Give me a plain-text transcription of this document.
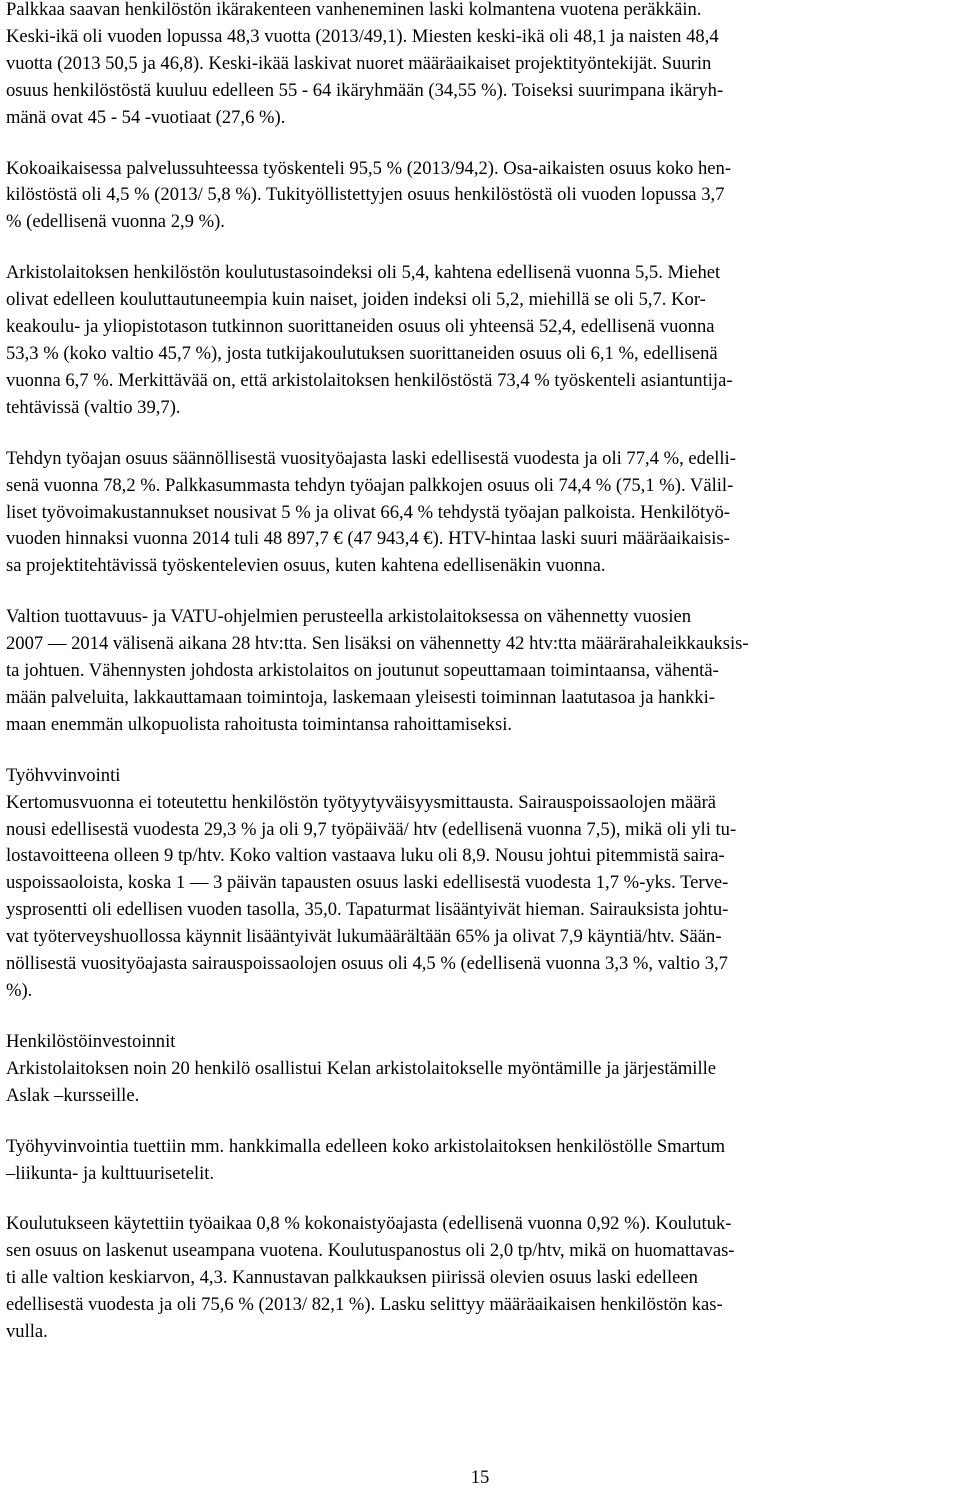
Palkkaa saavan henkilöstön ikärakenteen vanheneminen laski kolmantena vuotena peräkkäin.
Keski-ikä oli vuoden lopussa 48,3 vuotta (2013/49,1). Miesten keski-ikä oli 48,1 ja naisten 48,4
vuotta (2013 50,5 ja 46,8). Keski-ikää laskivat nuoret määräaikaiset projektityöntekijät. Suurin
osuus henkilöstöstä kuuluu edelleen 55 - 64 ikäryhmään (34,55 %). Toiseksi suurimpana ikäryh-
mänä ovat 45 - 54 -vuotiaat (27,6 %).

Kokoaikaisessa palvelussuhteessa työskenteli 95,5 % (2013/94,2). Osa-aikaisten osuus koko hen-
kilöstöstä oli 4,5 % (2013/ 5,8 %). Tukityöllistettyjen osuus henkilöstöstä oli vuoden lopussa 3,7
% (edellisenä vuonna 2,9 %).

Arkistolaitoksen henkilöstön koulutustasoindeksi oli 5,4, kahtena edellisenä vuonna 5,5. Miehet
olivat edelleen kouluttautuneempia kuin naiset, joiden indeksi oli 5,2, miehillä se oli 5,7. Kor-
keakoulu- ja yliopistotason tutkinnon suorittaneiden osuus oli yhteensä 52,4, edellisenä vuonna
53,3 % (koko valtio 45,7 %), josta tutkijakoulutuksen suorittaneiden osuus oli 6,1 %, edellisenä
vuonna 6,7 %. Merkittävää on, että arkistolaitoksen henkilöstöstä 73,4 % työskenteli asiantuntija-
tehtävissä (valtio 39,7).

Tehdyn työajan osuus säännöllisestä vuosityöajasta laski edellisestä vuodesta ja oli 77,4 %, edelli-
senä vuonna 78,2 %. Palkkasummasta tehdyn työajan palkkojen osuus oli 74,4 % (75,1 %). Välil-
liset työvoimakustannukset nousivat 5 % ja olivat 66,4 % tehdystä työajan palkoista. Henkilötyö-
vuoden hinnaksi vuonna 2014 tuli 48 897,7 € (47 943,4 €). HTV-hintaa laski suuri määräaikaisis-
sa projektitehtävissä työskentelevien osuus, kuten kahtena edellisenäkin vuonna.

Valtion tuottavuus- ja VATU-ohjelmien perusteella arkistolaitoksessa on vähennetty vuosien
2007 — 2014 välisenä aikana 28 htv:tta. Sen lisäksi on vähennetty 42 htv:tta määrärahaleikkauksis-
ta johtuen. Vähennysten johdosta arkistolaitos on joutunut sopeuttamaan toimintaansa, vähentä-
mään palveluita, lakkauttamaan toimintoja, laskemaan yleisesti toiminnan laatutasoa ja hankki-
maan enemmän ulkopuolista rahoitusta toimintansa rahoittamiseksi.

Työhvvinvointi
Kertomusvuonna ei toteutettu henkilöstön työtyytyväisyysmittausta. Sairauspoissaolojen määrä
nousi edellisestä vuodesta 29,3 % ja oli 9,7 työpäivää/ htv (edellisenä vuonna 7,5), mikä oli yli tu-
lostavoitteena olleen 9 tp/htv. Koko valtion vastaava luku oli 8,9. Nousu johtui pitemmistä saira-
uspoissaoloista, koska 1 — 3 päivän tapausten osuus laski edellisestä vuodesta 1,7 %-yks. Terve-
ysprosentti oli edellisen vuoden tasolla, 35,0. Tapaturmat lisääntyivät hieman. Sairauksista johtu-
vat työterveyshuollossa käynnit lisääntyivät lukumäärältään 65% ja olivat 7,9 käyntiä/htv. Sään-
nöllisestä vuosityöajasta sairauspoissaolojen osuus oli 4,5 % (edellisenä vuonna 3,3 %, valtio 3,7
%).

Henkilöstöinvestoinnit
Arkistolaitoksen noin 20 henkilö osallistui Kelan arkistolaitokselle myöntämille ja järjestämille
Aslak –kursseille.

Työhyvinvointia tuettiin mm. hankkimalla edelleen koko arkistolaitoksen henkilöstölle Smartum
–liikunta- ja kulttuurisetelit.

Koulutukseen käytettiin työaikaa 0,8 % kokonaistyöajasta (edellisenä vuonna 0,92 %). Koulutuk-
sen osuus on laskenut useampana vuotena. Koulutuspanostus oli 2,0 tp/htv, mikä on huomattavas-
ti alle valtion keskiarvon, 4,3. Kannustavan palkkauksen piirissä olevien osuus laski edelleen
edellisestä vuodesta ja oli 75,6 % (2013/ 82,1 %). Lasku selittyy määräaikaisen henkilöstön kas-
vulla.

15
